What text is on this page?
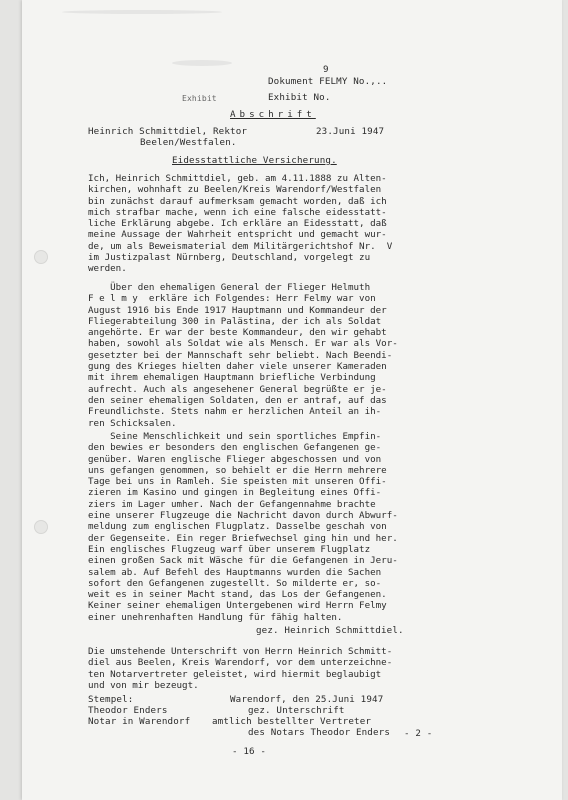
9
Dokument FELMY No.,..
Exhibit	Exhibit No.
Abschrift
Heinrich Schmittdiel, Rektor	23.Juni 1947
Beelen/Westfalen.
Eidesstattliche Versicherung.
Ich, Heinrich Schmittdiel, geb. am 4.11.1888 zu Alten-
kirchen, wohnhaft zu Beelen/Kreis Warendorf/Westfalen
bin zunächst darauf aufmerksam gemacht worden, daß ich
mich strafbar mache, wenn ich eine falsche eidesstatt-
liche Erklärung abgebe. Ich erkläre an Eidesstatt, daß
meine Aussage der Wahrheit entspricht und gemacht wur-
de, um als Beweismaterial dem Militärgerichtshof Nr.  V
im Justizpalast Nürnberg, Deutschland, vorgelegt zu
werden.
Über den ehemaligen General der Flieger Helmuth
F e l m y  erkläre ich Folgendes: Herr Felmy war von
August 1916 bis Ende 1917 Hauptmann und Kommandeur der
Fliegerabteilung 300 in Palästina, der ich als Soldat
angehörte. Er war der beste Kommandeur, den wir gehabt
haben, sowohl als Soldat wie als Mensch. Er war als Vor-
gesetzter bei der Mannschaft sehr beliebt. Nach Beendi-
gung des Krieges hielten daher viele unserer Kameraden
mit ihrem ehemaligen Hauptmann briefliche Verbindung
aufrecht. Auch als angesehener General begrüßte er je-
den seiner ehemaligen Soldaten, den er antraf, auf das
Freundlichste. Stets nahm er herzlichen Anteil an ih-
ren Schicksalen.
Seine Menschlichkeit und sein sportliches Empfin-
den bewies er besonders den englischen Gefangenen ge-
genüber. Waren englische Flieger abgeschossen und von
uns gefangen genommen, so behielt er die Herrn mehrere
Tage bei uns in Ramleh. Sie speisten mit unseren Offi-
zieren im Kasino und gingen in Begleitung eines Offi-
ziers im Lager umher. Nach der Gefangennahme brachte
eine unserer Flugzeuge die Nachricht davon durch Abwurf-
meldung zum englischen Flugplatz. Dasselbe geschah von
der Gegenseite. Ein reger Briefwechsel ging hin und her.
Ein englisches Flugzeug warf über unserem Flugplatz
einen großen Sack mit Wäsche für die Gefangenen in Jeru-
salem ab. Auf Befehl des Hauptmanns wurden die Sachen
sofort den Gefangenen zugestellt. So milderte er, so-
weit es in seiner Macht stand, das Los der Gefangenen.
Keiner seiner ehemaligen Untergebenen wird Herrn Felmy
einer unehrenhaften Handlung für fähig halten.
gez. Heinrich Schmittdiel.
Die umstehende Unterschrift von Herrn Heinrich Schmitt-
diel aus Beelen, Kreis Warendorf, vor dem unterzeichne-
ten Notarvertreter geleistet, wird hiermit beglaubigt
und von mir bezeugt.
Stempel:	Warendorf, den 25.Juni 1947
Theodor Enders	gez. Unterschrift
Notar in Warendorf amtlich bestellter Vertreter
des Notars Theodor Enders - 2 -
- 16 -
